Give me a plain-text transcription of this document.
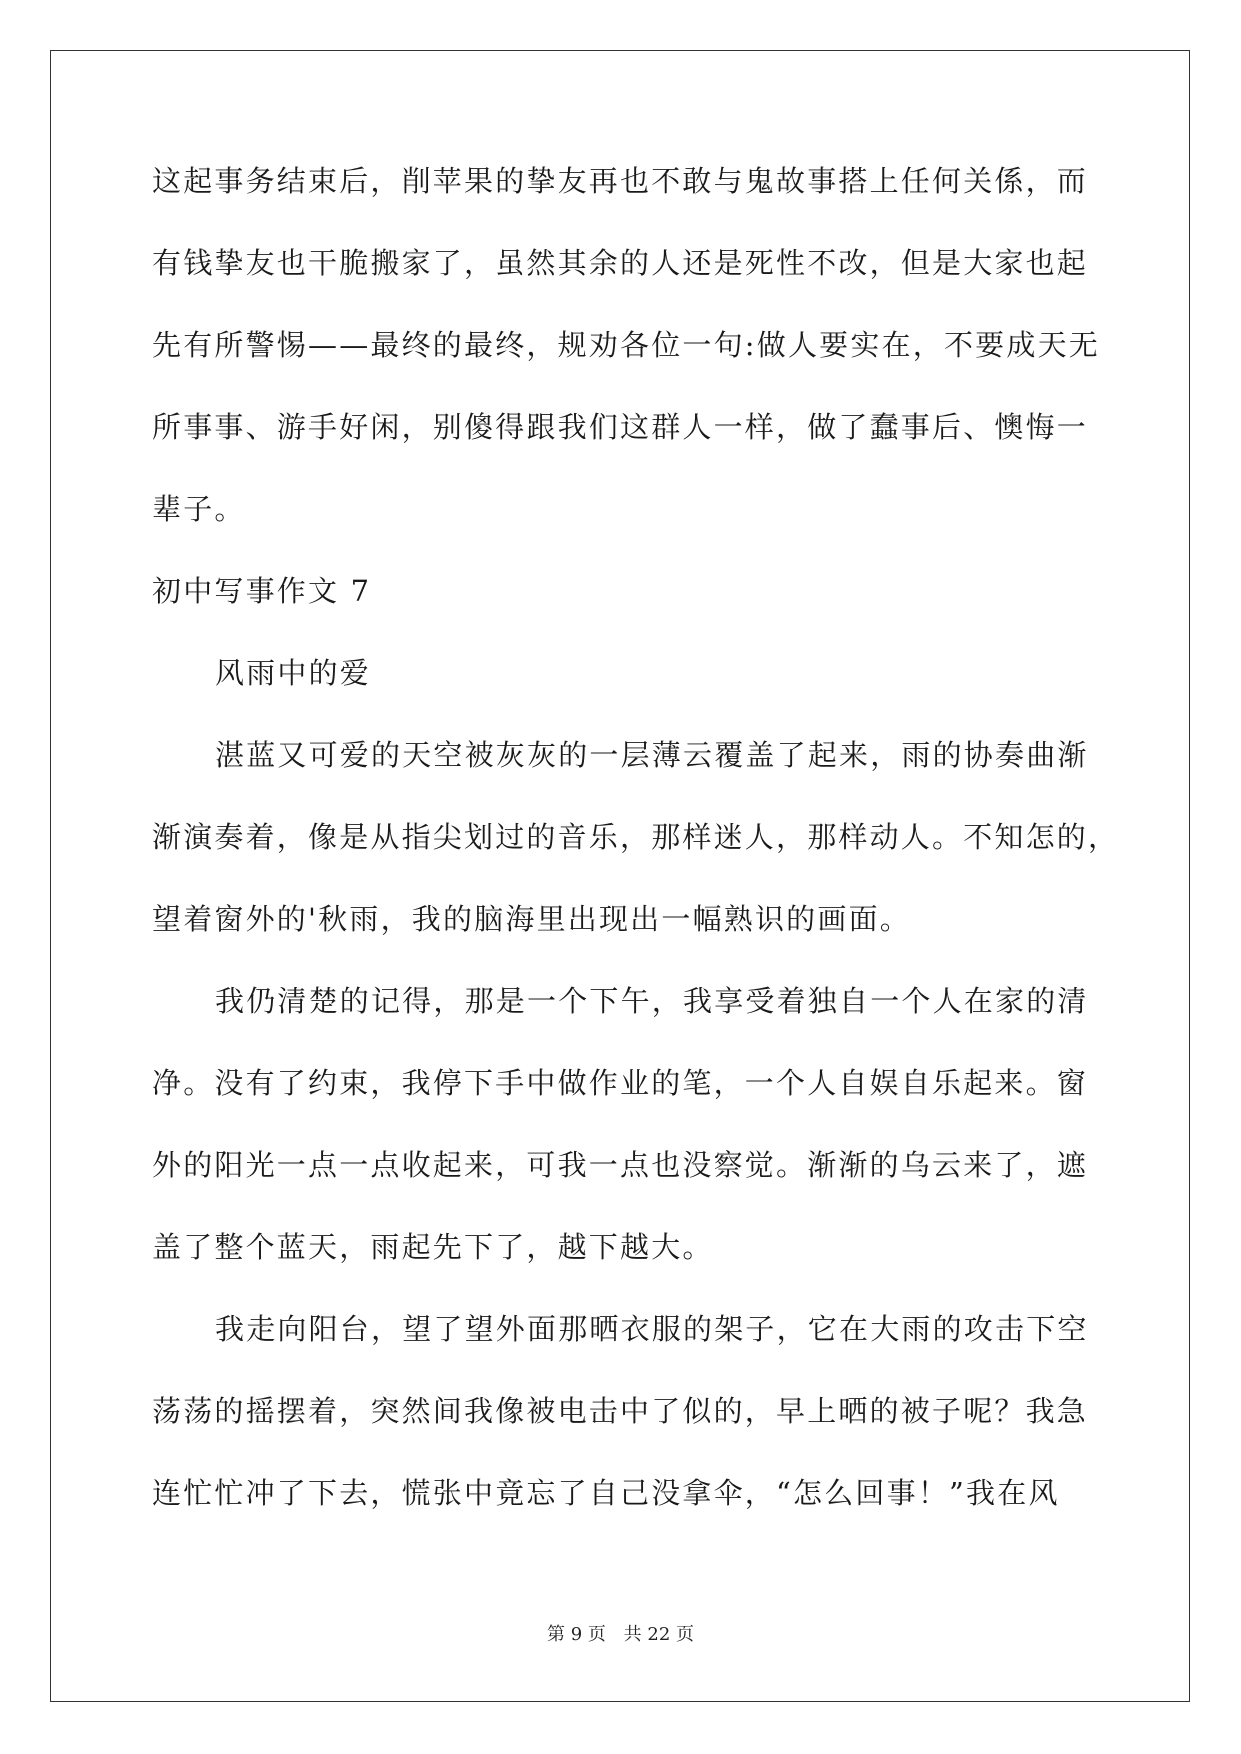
这起事务结束后，削苹果的挚友再也不敢与鬼故事搭上任何关係，而
有钱挚友也干脆搬家了，虽然其余的人还是死性不改，但是大家也起
先有所警惕——最终的最终，规劝各位一句:做人要实在，不要成天无
所事事、游手好闲，别傻得跟我们这群人一样，做了蠢事后、懊悔一
辈子。
初中写事作文 7
风雨中的爱
湛蓝又可爱的天空被灰灰的一层薄云覆盖了起来，雨的协奏曲渐
渐演奏着，像是从指尖划过的音乐，那样迷人，那样动人。不知怎的，
望着窗外的'秋雨，我的脑海里出现出一幅熟识的画面。
我仍清楚的记得，那是一个下午，我享受着独自一个人在家的清
净。没有了约束，我停下手中做作业的笔，一个人自娱自乐起来。窗
外的阳光一点一点收起来，可我一点也没察觉。渐渐的乌云来了，遮
盖了整个蓝天，雨起先下了，越下越大。
我走向阳台，望了望外面那晒衣服的架子，它在大雨的攻击下空
荡荡的摇摆着，突然间我像被电击中了似的，早上晒的被子呢？我急
连忙忙冲了下去，慌张中竟忘了自己没拿伞，“怎么回事！”我在风
第 9 页 共 22 页
